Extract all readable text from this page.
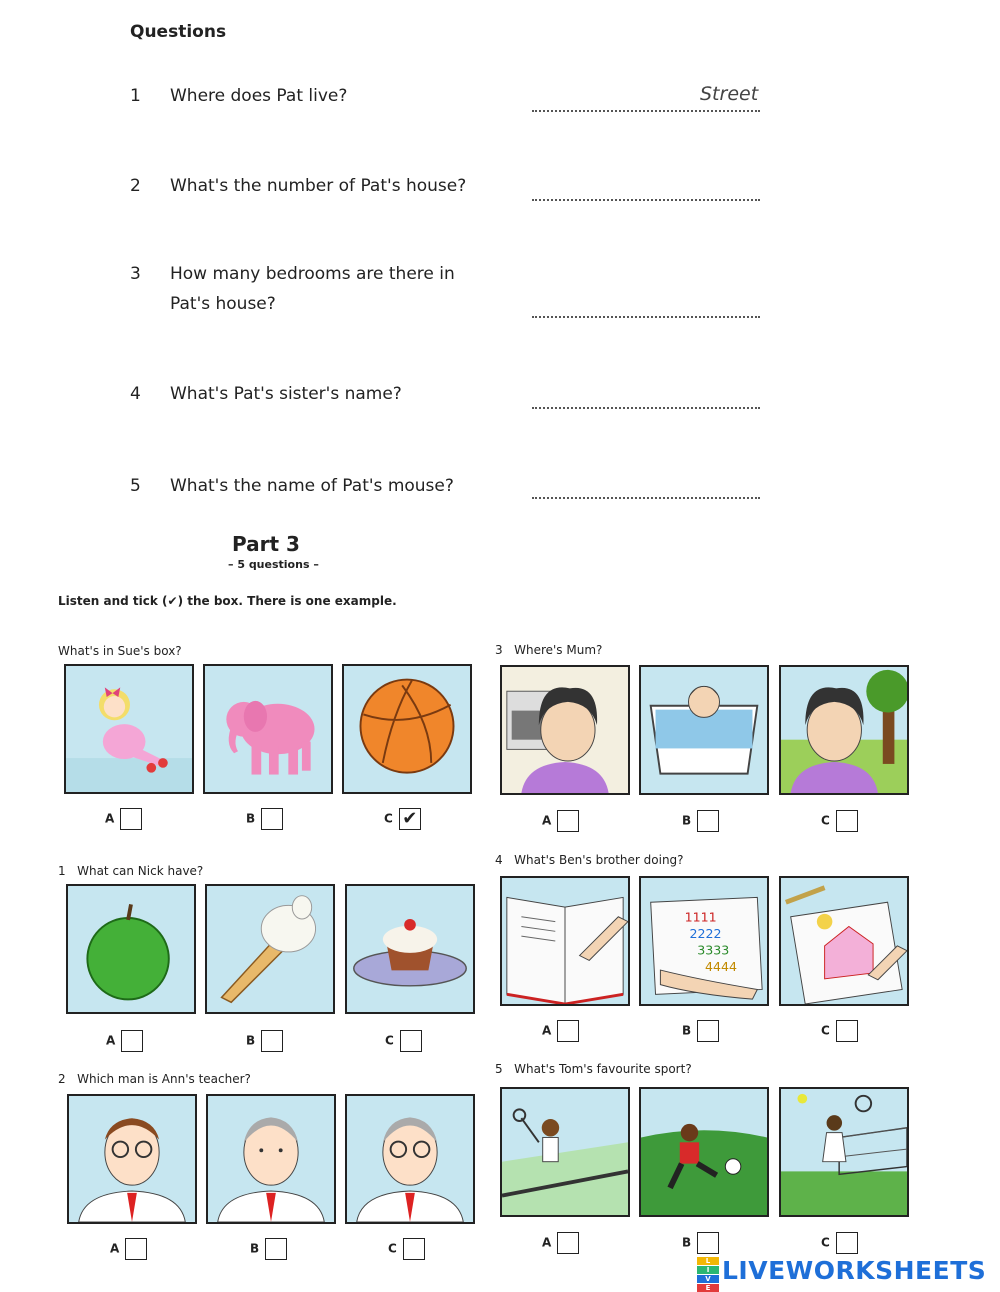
Questions
1 Where does Pat live?	Street
2 What's the number of Pat's house?
3 How many bedrooms are there in
Pat's house?
4 What's Pat's sister's name?
5 What's the name of Pat's mouse?
Part 3
– 5 questions –
Listen and tick (✔) the box. There is one example.
What's in Sue's box?
A	B	C ✔
1 What can Nick have?
A	B	C
2 Which man is Ann's teacher?
A	B	C
3 Where's Mum?
A	B	C
4 What's Ben's brother doing?
1111
2222
3333
4444
A	B	C
5 What's Tom's favourite sport?
A	B	C
L
I
V
E
LIVEWORKSHEETS
